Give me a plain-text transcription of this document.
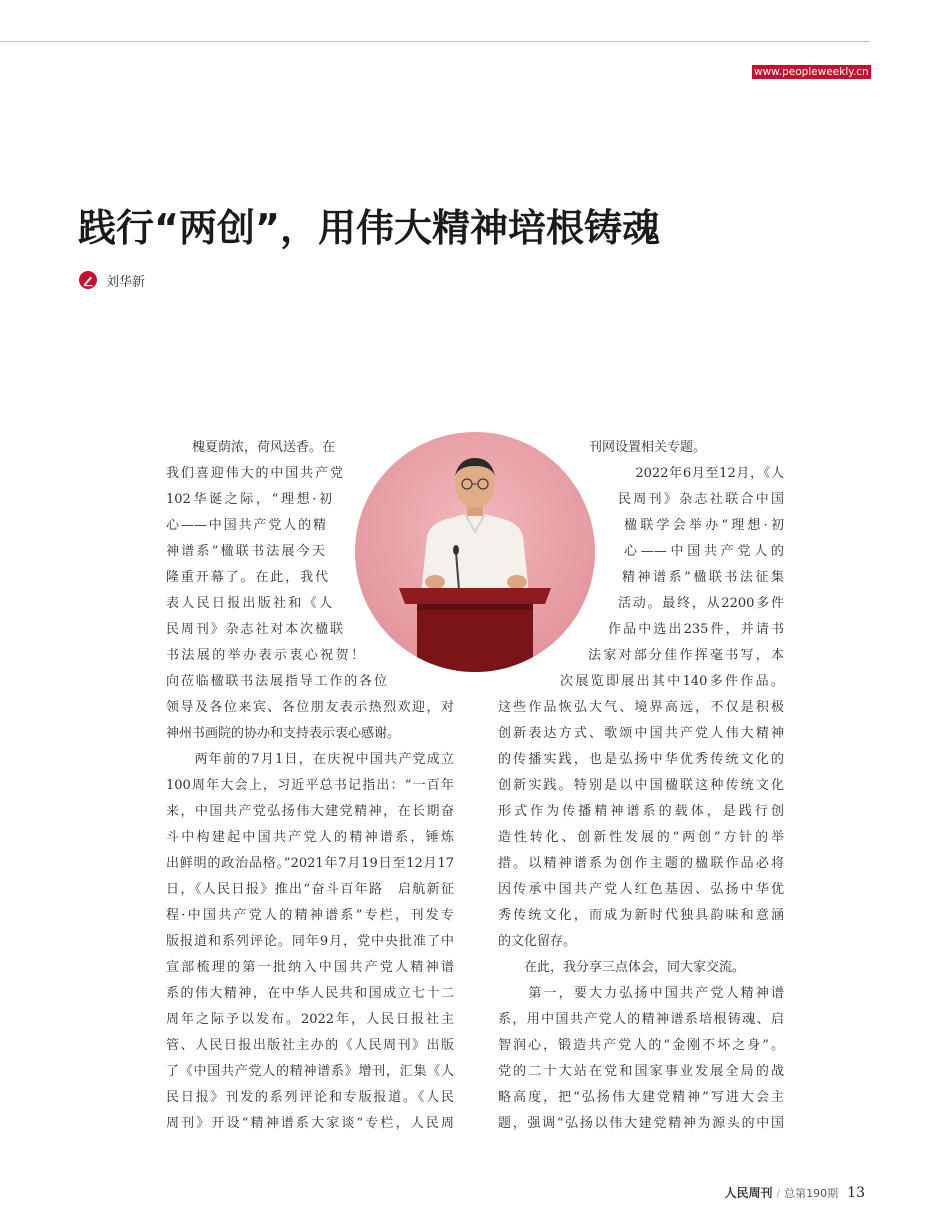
www.peopleweekly.cn
践行“两创”，用伟大精神培根铸魂
刘华新

　　槐夏荫浓，荷风送香。在

我们喜迎伟大的中国共产党

102华诞之际，“理想·初

心——中国共产党人的精

神谱系”楹联书法展今天

隆重开幕了。在此，我代

表人民日报出版社和《人

民周刊》杂志社对本次楹联

书法展的举办表示衷心祝贺！

向莅临楹联书法展指导工作的各位

领导及各位来宾、各位朋友表示热烈欢迎，对

神州书画院的协办和支持表示衷心感谢。

　　两年前的7月1日，在庆祝中国共产党成立

100周年大会上，习近平总书记指出：“一百年

来，中国共产党弘扬伟大建党精神，在长期奋

斗中构建起中国共产党人的精神谱系，锤炼

出鲜明的政治品格。”2021年7月19日至12月17

日，《人民日报》推出“奋斗百年路　启航新征

程·中国共产党人的精神谱系”专栏，刊发专

版报道和系列评论。同年9月，党中央批准了中

宣部梳理的第一批纳入中国共产党人精神谱

系的伟大精神，在中华人民共和国成立七十二

周年之际予以发布。2022年，人民日报社主

管、人民日报出版社主办的《人民周刊》出版

了《中国共产党人的精神谱系》增刊，汇集《人

民日报》刊发的系列评论和专版报道。《人民

周刊》开设“精神谱系大家谈”专栏，人民周

刊网设置相关专题。

　　2022年6月至12月，《人

民周刊》杂志社联合中国

楹联学会举办“理想·初

心——中国共产党人的

精神谱系”楹联书法征集

活动。最终，从2200多件

作品中选出235件，并请书

法家对部分佳作挥毫书写，本

次展览即展出其中140多件作品。

这些作品恢弘大气、境界高远，不仅是积极

创新表达方式、歌颂中国共产党人伟大精神

的传播实践，也是弘扬中华优秀传统文化的

创新实践。特别是以中国楹联这种传统文化

形式作为传播精神谱系的载体，是践行创

造性转化、创新性发展的“两创”方针的举

措。以精神谱系为创作主题的楹联作品必将

因传承中国共产党人红色基因、弘扬中华优

秀传统文化，而成为新时代独具韵味和意涵

的文化留存。

　　在此，我分享三点体会，同大家交流。

　　第一，要大力弘扬中国共产党人精神谱

系，用中国共产党人的精神谱系培根铸魂、启

智润心，锻造共产党人的“金刚不坏之身”。

党的二十大站在党和国家事业发展全局的战

略高度，把“弘扬伟大建党精神”写进大会主

题，强调“弘扬以伟大建党精神为源头的中国

人民周刊 / 总第190期 13
